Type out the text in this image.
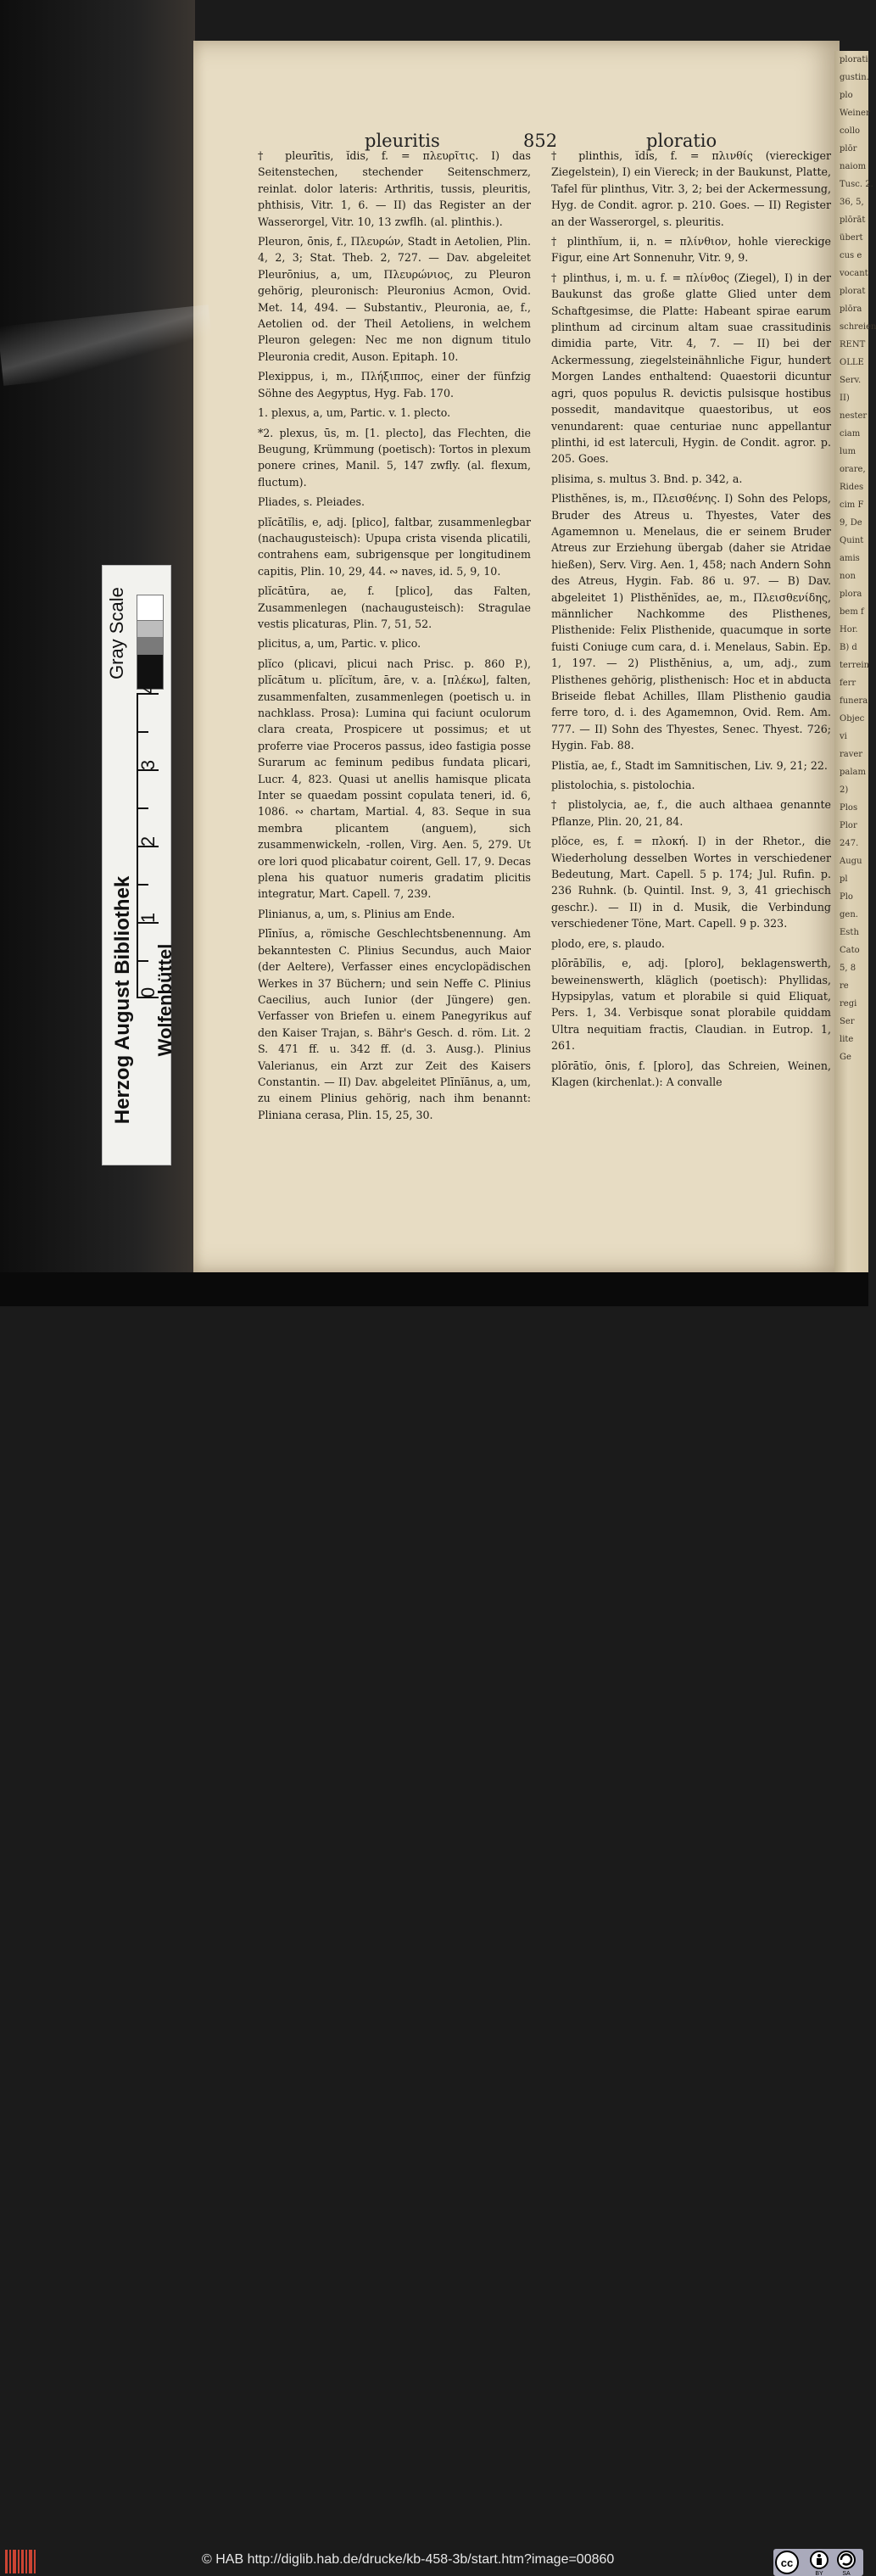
Gray Scale
4
3
2
1
0
Herzog August Bibliothek Wolfenbüttel
plorati
gustin.
plo
Weiner
collo
plōr
naiom
Tusc. 2.
36, 5,
plōrāt
übert
cus e
vocant
plorat
plōra
schreien
RENT
OLLE
Serv.
II)
nester
ciam
lum
orare,
Rides
cim F
9, De
Quint
amis
non
plora
bem f
Hor.
B) d
terrein
ferr
funera
Objec
vi
raver
palam
2)
Plos
Plor
247.
Augu
pl
Plo
gen.
Esth
Cato
5, 8
re
regi
Ser
lite
Ge
pleuritis	852	ploratio

† pleurītis, ĭdis, f. = πλευρῖτις. I) das Seitenstechen, stechender Seitenschmerz, reinlat. dolor lateris: Arthritis, tussis, pleuritis, phthisis, Vitr. 1, 6. — II) das Register an der Wasserorgel, Vitr. 10, 13 zwflh. (al. plinthis.).

Pleuron, ōnis, f., Πλευρών, Stadt in Aetolien, Plin. 4, 2, 3; Stat. Theb. 2, 727. — Dav. abgeleitet Pleurōnius, a, um, Πλευρώνιος, zu Pleuron gehörig, pleuronisch: Pleuronius Acmon, Ovid. Met. 14, 494. — Substantiv., Pleuronia, ae, f., Aetolien od. der Theil Aetoliens, in welchem Pleuron gelegen: Nec me non dignum titulo Pleuronia credit, Auson. Epitaph. 10.

Plexippus, i, m., Πλήξιππος, einer der fünfzig Söhne des Aegyptus, Hyg. Fab. 170.

1. plexus, a, um, Partic. v. 1. plecto.

*2. plexus, ūs, m. [1. plecto], das Flechten, die Beugung, Krümmung (poetisch): Tortos in plexum ponere crines, Manil. 5, 147 zwfly. (al. flexum, fluctum).

Pliades, s. Pleiades.

plĭcātĭlis, e, adj. [plico], faltbar, zusammenlegbar (nachaugusteisch): Upupa crista visenda plicatili, contrahens eam, subrigensque per longitudinem capitis, Plin. 10, 29, 44. ∾ naves, id. 5, 9, 10.

plĭcātūra, ae, f. [plico], das Falten, Zusammenlegen (nachaugusteisch): Stragulae vestis plicaturas, Plin. 7, 51, 52.

plicitus, a, um, Partic. v. plico.

plĭco (plicavi, plicui nach Prisc. p. 860 P.), plĭcātum u. plĭcĭtum, āre, v. a. [πλέκω], falten, zusammenfalten, zusammenlegen (poetisch u. in nachklass. Prosa): Lumina qui faciunt oculorum clara creata, Prospicere ut possimus; et ut proferre viae Proceros passus, ideo fastigia posse Surarum ac feminum pedibus fundata plicari, Lucr. 4, 823. Quasi ut anellis hamisque plicata Inter se quaedam possint copulata teneri, id. 6, 1086. ∾ chartam, Martial. 4, 83. Seque in sua membra plicantem (anguem), sich zusammenwickeln, -rollen, Virg. Aen. 5, 279. Ut ore lori quod plicabatur coirent, Gell. 17, 9. Decas plena his quatuor numeris gradatim plicitis integratur, Mart. Capell. 7, 239.

Plinianus, a, um, s. Plinius am Ende.

Plīnĭus, a, römische Geschlechtsbenennung. Am bekanntesten C. Plinius Secundus, auch Maior (der Aeltere), Verfasser eines encyclopädischen Werkes in 37 Büchern; und sein Neffe C. Plinius Caecilius, auch Iunior (der Jüngere) gen. Verfasser von Briefen u. einem Panegyrikus auf den Kaiser Trajan, s. Bähr's Gesch. d. röm. Lit. 2 S. 471 ff. u. 342 ff. (d. 3. Ausg.). Plinius Valerianus, ein Arzt zur Zeit des Kaisers Constantin. — II) Dav. abgeleitet Plīnĭānus, a, um, zu einem Plinius gehörig, nach ihm benannt: Pliniana cerasa, Plin. 15, 25, 30.

† plinthis, ĭdis, f. = πλινθίς (viereckiger Ziegelstein), I) ein Viereck; in der Baukunst, Platte, Tafel für plinthus, Vitr. 3, 2; bei der Ackermessung, Hyg. de Condit. agror. p. 210. Goes. — II) Register an der Wasserorgel, s. pleuritis.

† plinthĭum, ii, n. = πλίνθιον, hohle viereckige Figur, eine Art Sonnenuhr, Vitr. 9, 9.

† plinthus, i, m. u. f. = πλίνθος (Ziegel), I) in der Baukunst das große glatte Glied unter dem Schaftgesimse, die Platte: Habeant spirae earum plinthum ad circinum altam suae crassitudinis dimidia parte, Vitr. 4, 7. — II) bei der Ackermessung, ziegelsteinähnliche Figur, hundert Morgen Landes enthaltend: Quaestorii dicuntur agri, quos populus R. devictis pulsisque hostibus possedit, mandavitque quaestoribus, ut eos venundarent: quae centuriae nunc appellantur plinthi, id est laterculi, Hygin. de Condit. agror. p. 205. Goes.

plisima, s. multus 3. Bnd. p. 342, a.

Plisthĕnes, is, m., Πλεισθένης. I) Sohn des Pelops, Bruder des Atreus u. Thyestes, Vater des Agamemnon u. Menelaus, die er seinem Bruder Atreus zur Erziehung übergab (daher sie Atridae hießen), Serv. Virg. Aen. 1, 458; nach Andern Sohn des Atreus, Hygin. Fab. 86 u. 97. — B) Dav. abgeleitet 1) Plisthĕnĭdes, ae, m., Πλεισθενίδης, männlicher Nachkomme des Plisthenes, Plisthenide: Felix Plisthenide, quacumque in sorte fuisti Coniuge cum cara, d. i. Menelaus, Sabin. Ep. 1, 197. — 2) Plisthĕnius, a, um, adj., zum Plisthenes gehörig, plisthenisch: Hoc et in abducta Briseide flebat Achilles, Illam Plisthenio gaudia ferre toro, d. i. des Agamemnon, Ovid. Rem. Am. 777. — II) Sohn des Thyestes, Senec. Thyest. 726; Hygin. Fab. 88.

Plistĭa, ae, f., Stadt im Samnitischen, Liv. 9, 21; 22.

plistolochia, s. pistolochia.

† plistolycia, ae, f., die auch althaea genannte Pflanze, Plin. 20, 21, 84.

plŏce, es, f. = πλοκή. I) in der Rhetor., die Wiederholung desselben Wortes in verschiedener Bedeutung, Mart. Capell. 5 p. 174; Jul. Rufin. p. 236 Ruhnk. (b. Quintil. Inst. 9, 3, 41 griechisch geschr.). — II) in d. Musik, die Verbindung verschiedener Töne, Mart. Capell. 9 p. 323.

plodo, ere, s. plaudo.

plōrābĭlis, e, adj. [ploro], beklagenswerth, beweinenswerth, kläglich (poetisch): Phyllidas, Hypsipylas, vatum et plorabile si quid Eliquat, Pers. 1, 34. Verbisque sonat plorabile quiddam Ultra nequitiam fractis, Claudian. in Eutrop. 1, 261.

plōrātĭo, ōnis, f. [ploro], das Schreien, Weinen, Klagen (kirchenlat.): A convalle

© HAB http://diglib.hab.de/drucke/kb-458-3b/start.htm?image=00860	cc
BY	SA
